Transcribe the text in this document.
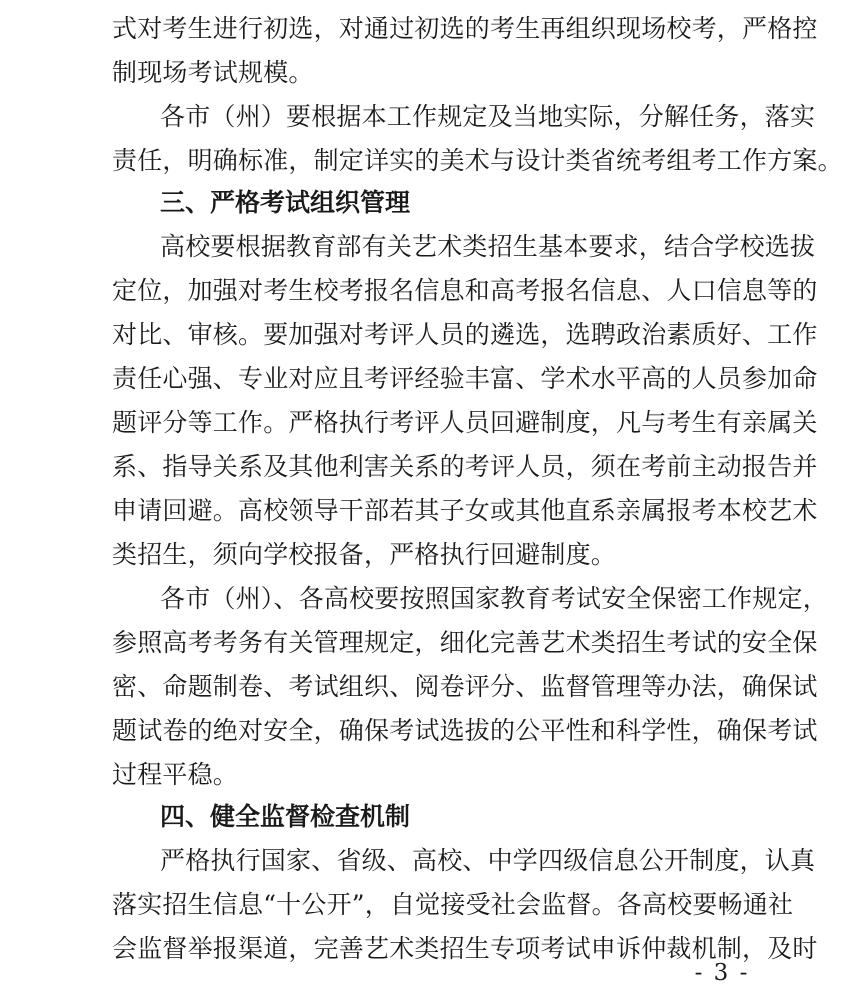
式对考生进行初选，对通过初选的考生再组织现场校考，严格控
制现场考试规模。
各市（州）要根据本工作规定及当地实际，分解任务，落实
责任，明确标准，制定详实的美术与设计类省统考组考工作方案。
三、严格考试组织管理
高校要根据教育部有关艺术类招生基本要求，结合学校选拔
定位，加强对考生校考报名信息和高考报名信息、人口信息等的
对比、审核。要加强对考评人员的遴选，选聘政治素质好、工作
责任心强、专业对应且考评经验丰富、学术水平高的人员参加命
题评分等工作。严格执行考评人员回避制度，凡与考生有亲属关
系、指导关系及其他利害关系的考评人员，须在考前主动报告并
申请回避。高校领导干部若其子女或其他直系亲属报考本校艺术
类招生，须向学校报备，严格执行回避制度。
各市（州）、各高校要按照国家教育考试安全保密工作规定，
参照高考考务有关管理规定，细化完善艺术类招生考试的安全保
密、命题制卷、考试组织、阅卷评分、监督管理等办法，确保试
题试卷的绝对安全，确保考试选拔的公平性和科学性，确保考试
过程平稳。
四、健全监督检查机制
严格执行国家、省级、高校、中学四级信息公开制度，认真
落实招生信息“十公开”，自觉接受社会监督。各高校要畅通社
会监督举报渠道，完善艺术类招生专项考试申诉仲裁机制，及时
- 3 -
